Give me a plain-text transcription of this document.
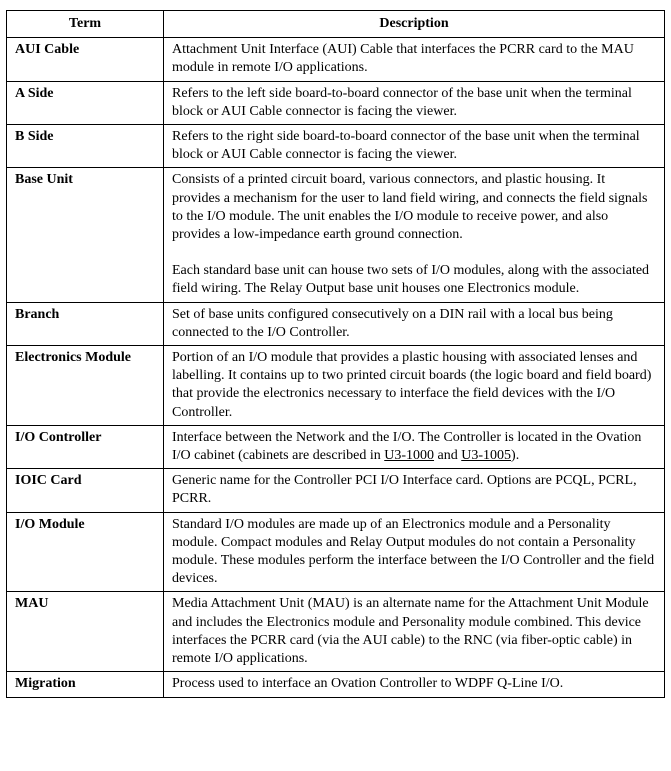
Term	Description
AUI Cable	Attachment Unit Interface (AUI) Cable that interfaces the PCRR card to the MAU module in remote I/O applications.

A Side	Refers to the left side board-to-board connector of the base unit when the terminal block or AUI Cable connector is facing the viewer.

B Side	Refers to the right side board-to-board connector of the base unit when the terminal block or AUI Cable connector is facing the viewer.

Base Unit	Consists of a printed circuit board, various connectors, and plastic housing. It provides a mechanism for the user to land field wiring, and connects the field signals to the I/O module. The unit enables the I/O module to receive power, and also provides a low-impedance earth ground connection.

Each standard base unit can house two sets of I/O modules, along with the associated field wiring. The Relay Output base unit houses one Electronics module.

Branch	Set of base units configured consecutively on a DIN rail with a local bus being connected to the I/O Controller.

Electronics Module	Portion of an I/O module that provides a plastic housing with associated lenses and labelling. It contains up to two printed circuit boards (the logic board and field board) that provide the electronics necessary to interface the field devices with the I/O Controller.

I/O Controller	Interface between the Network and the I/O. The Controller is located in the Ovation I/O cabinet (cabinets are described in U3-1000 and U3-1005).

IOIC Card	Generic name for the Controller PCI I/O Interface card. Options are PCQL, PCRL, PCRR.

I/O Module	Standard I/O modules are made up of an Electronics module and a Personality module. Compact modules and Relay Output modules do not contain a Personality module. These modules perform the interface between the I/O Controller and the field devices.

MAU	Media Attachment Unit (MAU) is an alternate name for the Attachment Unit Module and includes the Electronics module and Personality module combined. This device interfaces the PCRR card (via the AUI cable) to the RNC (via fiber-optic cable) in remote I/O applications.

Migration	Process used to interface an Ovation Controller to WDPF Q-Line I/O.
